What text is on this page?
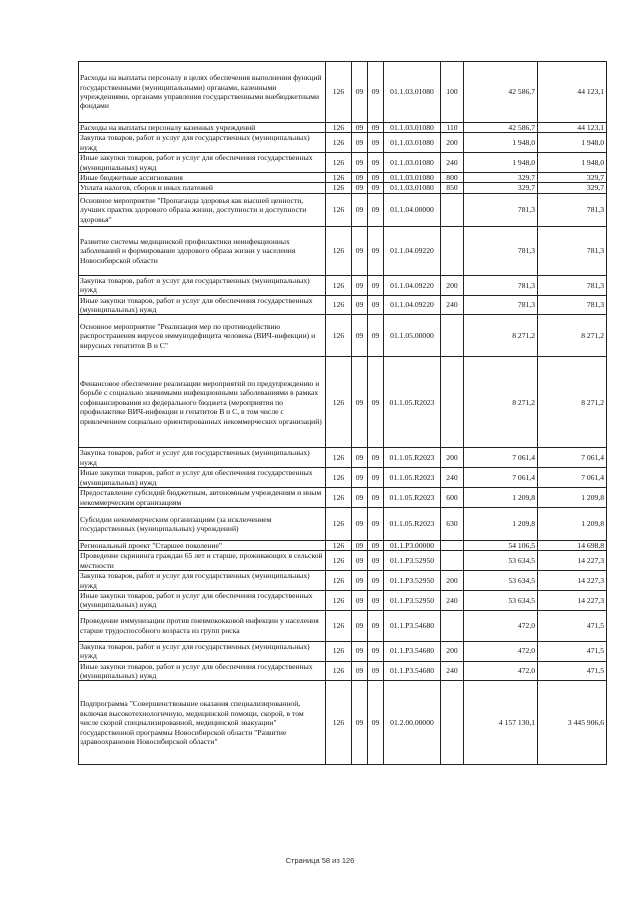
Расходы на выплаты персоналу в целях обеспечения выполнения функций государственными (муниципальными) органами, казенными учреждениями, органами управления государственными внебюджетными фондами	126	09	09	01.1.03.01080	100	42 586,7	44 123,1
Расходы на выплаты персоналу казенных учреждений	126	09	09	01.1.03.01080	110	42 586,7	44 123,1
Закупка товаров, работ и услуг для государственных (муниципальных) нужд	126	09	09	01.1.03.01080	200	1 948,0	1 948,0
Иные закупки товаров, работ и услуг для обеспечения государственных (муниципальных) нужд	126	09	09	01.1.03.01080	240	1 948,0	1 948,0
Иные бюджетные ассигнования	126	09	09	01.1.03.01080	800	329,7	329,7
Уплата налогов, сборов и иных платежей	126	09	09	01.1.03.01080	850	329,7	329,7
Основное мероприятие "Пропаганда здоровья как высшей ценности, лучших практик здорового образа жизни, доступности и доступности здоровья"	126	09	09	01.1.04.00000		781,3	781,3
Развитие системы медицинской профилактики неинфекционных заболеваний и формирование здорового образа жизни у населения Новосибирской области	126	09	09	01.1.04.09220		781,3	781,3
Закупка товаров, работ и услуг для государственных (муниципальных) нужд	126	09	09	01.1.04.09220	200	781,3	781,3
Иные закупки товаров, работ и услуг для обеспечения государственных (муниципальных) нужд	126	09	09	01.1.04.09220	240	781,3	781,3
Основное мероприятие "Реализация мер по противодействию распространения вирусов иммунодефицита человека (ВИЧ-инфекции) и вирусных гепатитов В и С"	126	09	09	01.1.05.00000		8 271,2	8 271,2
Финансовое обеспечение реализации мероприятий по предупреждению и борьбе с социально значимыми инфекционными заболеваниями в рамках софинансирования из федерального бюджета (мероприятия по профилактике ВИЧ-инфекции и гепатитов В и С, в том числе с привлечением социально ориентированных некоммерческих организаций)	126	09	09	01.1.05.R2023		8 271,2	8 271,2
Закупка товаров, работ и услуг для государственных (муниципальных) нужд	126	09	09	01.1.05.R2023	200	7 061,4	7 061,4
Иные закупки товаров, работ и услуг для обеспечения государственных (муниципальных) нужд	126	09	09	01.1.05.R2023	240	7 061,4	7 061,4
Предоставление субсидий бюджетным, автономным учреждениям и иным некоммерческим организациям	126	09	09	01.1.05.R2023	600	1 209,8	1 209,8
Субсидии некоммерческим организациям (за исключением государственных (муниципальных) учреждений)	126	09	09	01.1.05.R2023	630	1 209,8	1 209,8
Региональный проект "Старшее поколение"	126	09	09	01.1.P3.00000		54 106,5	14 698,8
Проведение скрининга граждан 65 лет и старше, проживающих в сельской местности	126	09	09	01.1.P3.52950		53 634,5	14 227,3
Закупка товаров, работ и услуг для государственных (муниципальных) нужд	126	09	09	01.1.P3.52950	200	53 634,5	14 227,3
Иные закупки товаров, работ и услуг для обеспечения государственных (муниципальных) нужд	126	09	09	01.1.P3.52950	240	53 634,5	14 227,3
Проведение иммунизации против пневмококковой инфекции у населения старше трудоспособного возраста из групп риска	126	09	09	01.1.P3.54680		472,0	471,5
Закупка товаров, работ и услуг для государственных (муниципальных) нужд	126	09	09	01.1.P3.54680	200	472,0	471,5
Иные закупки товаров, работ и услуг для обеспечения государственных (муниципальных) нужд	126	09	09	01.1.P3.54680	240	472,0	471,5
Подпрограмма "Совершенствование оказания специализированной, включая высокотехнологичную, медицинской помощи, скорой, в том числе скорой специализированной, медицинской эвакуации" государственной программы Новосибирской области "Развитие здравоохранения Новосибирской области"	126	09	09	01.2.00.00000		4 157 130,1	3 445 906,6
Страница 58 из 126
